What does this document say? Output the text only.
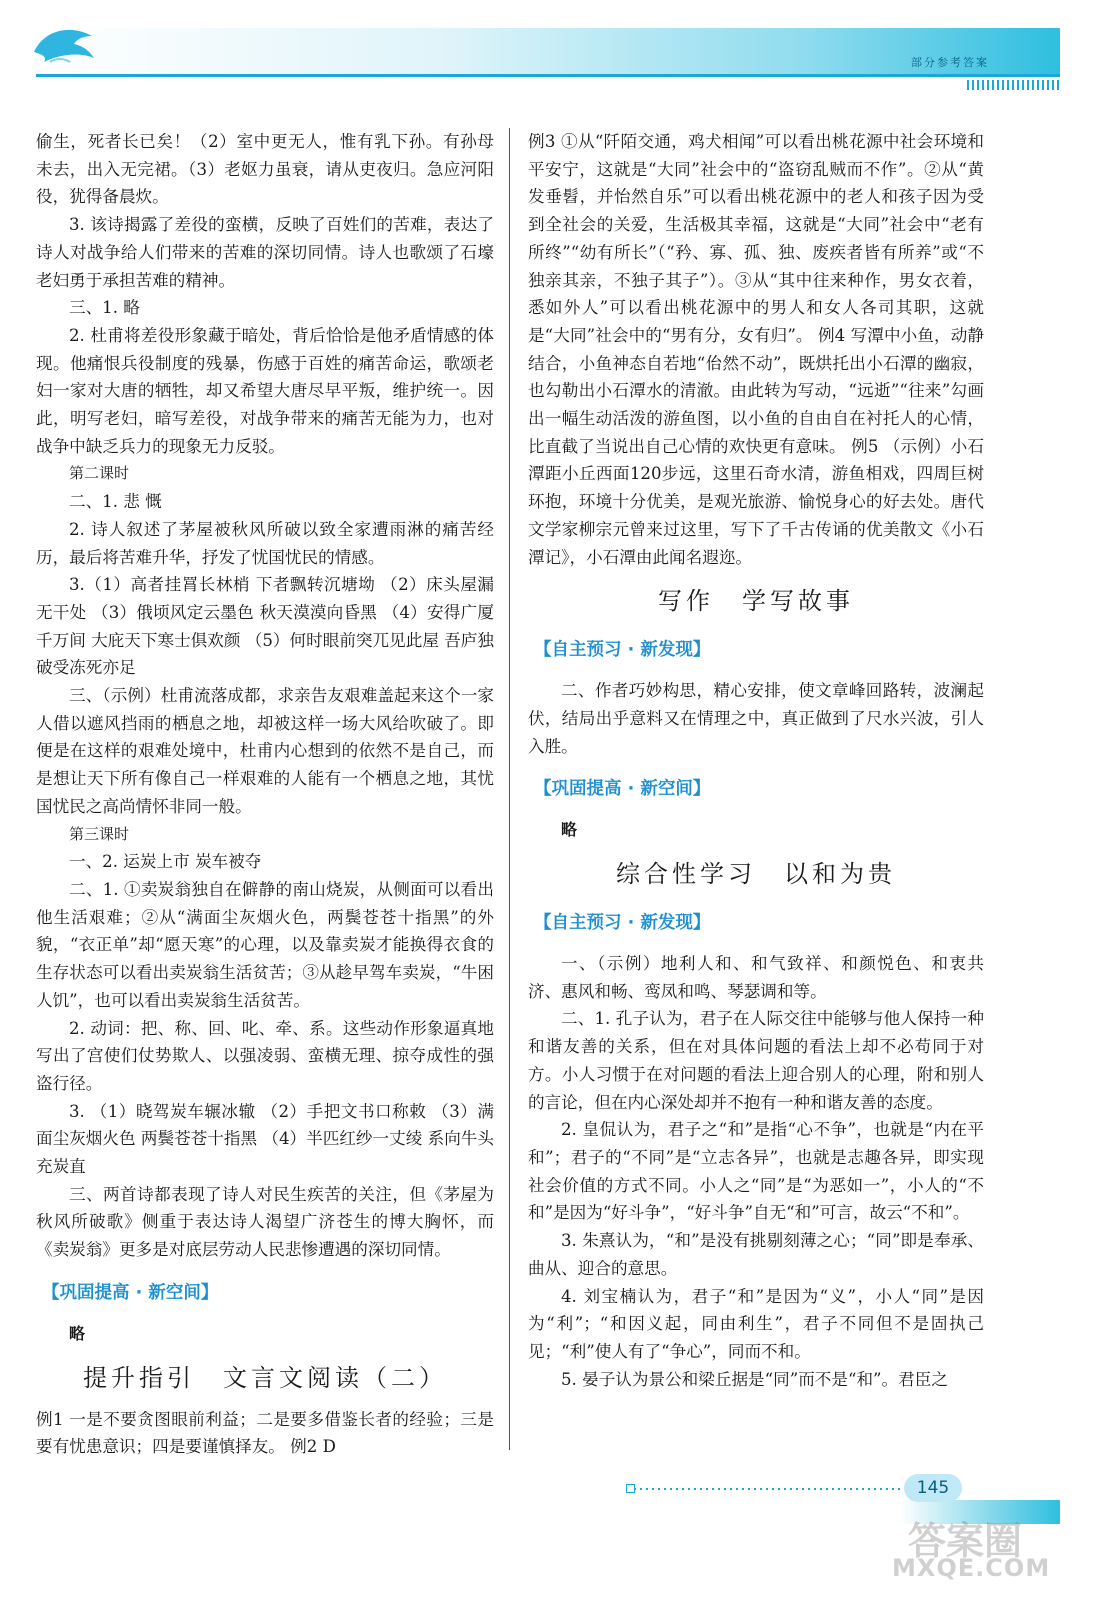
部分参考答案
偷生，死者长已矣！（2）室中更无人，惟有乳下孙。有孙母未去，出入无完裙。（3）老妪力虽衰，请从吏夜归。急应河阳役，犹得备晨炊。
3. 该诗揭露了差役的蛮横，反映了百姓们的苦难，表达了诗人对战争给人们带来的苦难的深切同情。诗人也歌颂了石壕老妇勇于承担苦难的精神。
三、1. 略
2. 杜甫将差役形象藏于暗处，背后恰恰是他矛盾情感的体现。他痛恨兵役制度的残暴，伤感于百姓的痛苦命运，歌颂老妇一家对大唐的牺牲，却又希望大唐尽早平叛，维护统一。因此，明写老妇，暗写差役，对战争带来的痛苦无能为力，也对战争中缺乏兵力的现象无力反驳。
第二课时
二、1. 悲 慨
2. 诗人叙述了茅屋被秋风所破以致全家遭雨淋的痛苦经历，最后将苦难升华，抒发了忧国忧民的情感。
3.（1）高者挂罥长林梢 下者飘转沉塘坳 （2）床头屋漏无干处 （3）俄顷风定云墨色 秋天漠漠向昏黑 （4）安得广厦千万间 大庇天下寒士俱欢颜 （5）何时眼前突兀见此屋 吾庐独破受冻死亦足
三、（示例）杜甫流落成都，求亲告友艰难盖起来这个一家人借以遮风挡雨的栖息之地，却被这样一场大风给吹破了。即便是在这样的艰难处境中，杜甫内心想到的依然不是自己，而是想让天下所有像自己一样艰难的人能有一个栖息之地，其忧国忧民之高尚情怀非同一般。
第三课时
一、2. 运炭上市 炭车被夺
二、1. ①卖炭翁独自在僻静的南山烧炭，从侧面可以看出他生活艰难；②从“满面尘灰烟火色，两鬓苍苍十指黑”的外貌，“衣正单”却“愿天寒”的心理，以及靠卖炭才能换得衣食的生存状态可以看出卖炭翁生活贫苦；③从趁早驾车卖炭，“牛困人饥”，也可以看出卖炭翁生活贫苦。
2. 动词：把、称、回、叱、牵、系。这些动作形象逼真地写出了宫使们仗势欺人、以强凌弱、蛮横无理、掠夺成性的强盗行径。
3. （1）晓驾炭车辗冰辙 （2）手把文书口称敕 （3）满面尘灰烟火色 两鬓苍苍十指黑 （4）半匹红纱一丈绫 系向牛头充炭直
三、两首诗都表现了诗人对民生疾苦的关注，但《茅屋为秋风所破歌》侧重于表达诗人渴望广济苍生的博大胸怀，而《卖炭翁》更多是对底层劳动人民悲惨遭遇的深切同情。
【巩固提高 · 新空间】
略
提升指引　文言文阅读（二）
例1 一是不要贪图眼前利益；二是要多借鉴长者的经验；三是要有忧患意识；四是要谨慎择友。 例2 D
例3 ①从“阡陌交通，鸡犬相闻”可以看出桃花源中社会环境和平安宁，这就是“大同”社会中的“盗窃乱贼而不作”。②从“黄发垂髫，并怡然自乐”可以看出桃花源中的老人和孩子因为受到全社会的关爱，生活极其幸福，这就是“大同”社会中“老有所终”“幼有所长”（“矜、寡、孤、独、废疾者皆有所养”或“不独亲其亲，不独子其子”）。③从“其中往来种作，男女衣着，悉如外人”可以看出桃花源中的男人和女人各司其职，这就是“大同”社会中的“男有分，女有归”。 例4 写潭中小鱼，动静结合，小鱼神态自若地“佁然不动”，既烘托出小石潭的幽寂，也勾勒出小石潭水的清澈。由此转为写动，“远逝”“往来”勾画出一幅生动活泼的游鱼图，以小鱼的自由自在衬托人的心情，比直截了当说出自己心情的欢快更有意味。 例5 （示例）小石潭距小丘西面120步远，这里石奇水清，游鱼相戏，四周巨树环抱，环境十分优美，是观光旅游、愉悦身心的好去处。唐代文学家柳宗元曾来过这里，写下了千古传诵的优美散文《小石潭记》，小石潭由此闻名遐迩。
写作　学写故事
【自主预习 · 新发现】
二、作者巧妙构思，精心安排，使文章峰回路转，波澜起伏，结局出乎意料又在情理之中，真正做到了尺水兴波，引人入胜。
【巩固提高 · 新空间】
略
综合性学习　以和为贵
【自主预习 · 新发现】
一、（示例）地利人和、和气致祥、和颜悦色、和衷共济、惠风和畅、鸾凤和鸣、琴瑟调和等。
二、1. 孔子认为，君子在人际交往中能够与他人保持一种和谐友善的关系，但在对具体问题的看法上却不必苟同于对方。小人习惯于在对问题的看法上迎合别人的心理，附和别人的言论，但在内心深处却并不抱有一种和谐友善的态度。
2. 皇侃认为，君子之“和”是指“心不争”，也就是“内在平和”；君子的“不同”是“立志各异”，也就是志趣各异，即实现社会价值的方式不同。小人之“同”是“为恶如一”，小人的“不和”是因为“好斗争”，“好斗争”自无“和”可言，故云“不和”。
3. 朱熹认为，“和”是没有挑剔刻薄之心；“同”即是奉承、曲从、迎合的意思。
4. 刘宝楠认为，君子“和”是因为“义”，小人“同”是因为“利”；“和因义起，同由利生”，君子不同但不是固执己见；“利”使人有了“争心”，同而不和。
5. 晏子认为景公和梁丘据是“同”而不是“和”。君臣之
145
答案圈
MXQE.COM
